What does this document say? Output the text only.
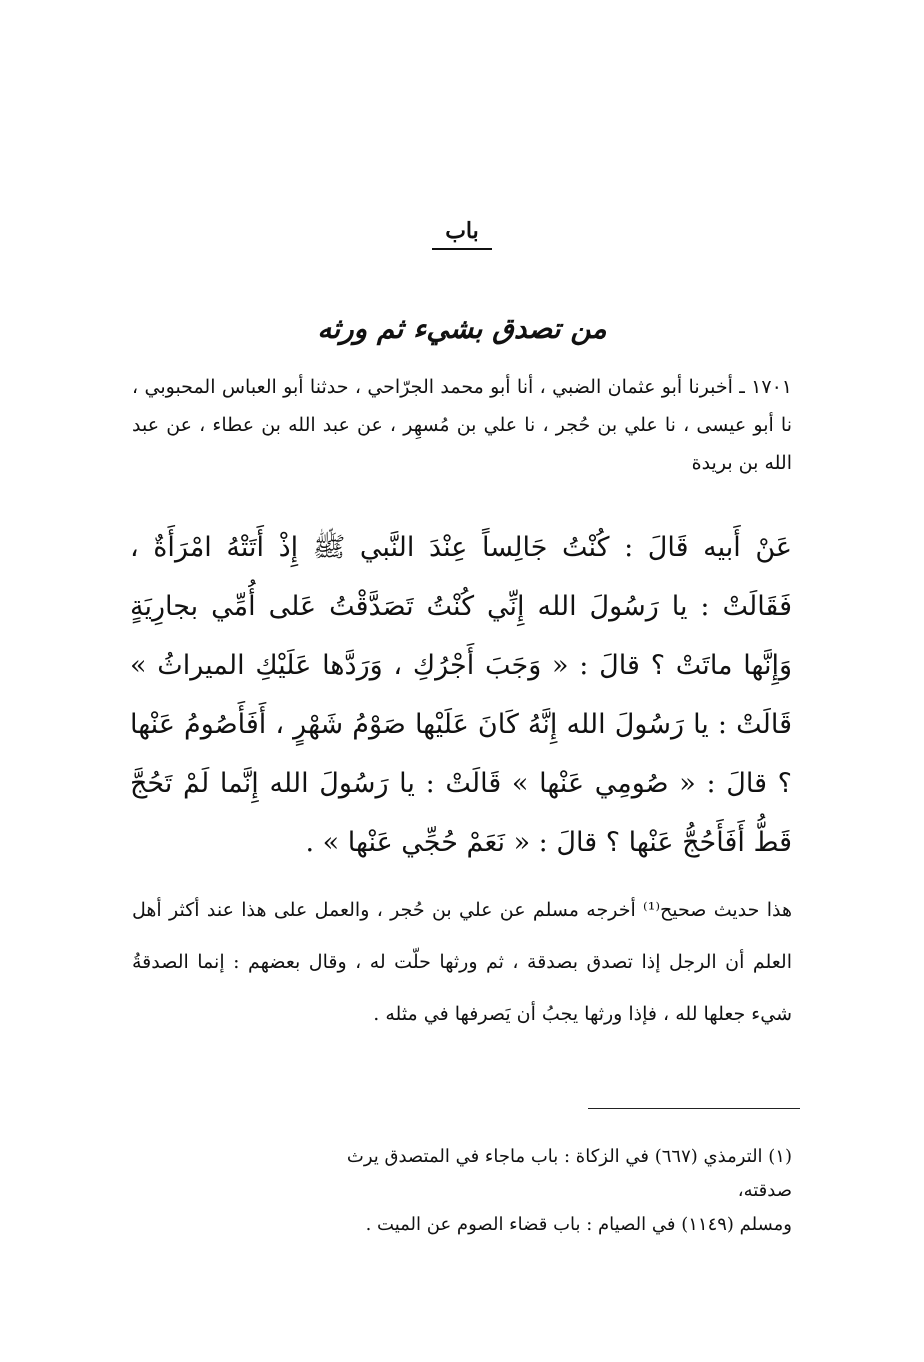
باب
من تصدق بشيء ثم ورثه

١٧٠١ ـ أخبرنا أبو عثمان الضبي ، أنا أبو محمد الجرّاحي ، حدثنا أبو العباس المحبوبي ، نا أبو عيسى ، نا علي بن حُجر ، نا علي بن مُسهِر ، عن عبد الله بن عطاء ، عن عبد الله بن بريدة

عَنْ أَبيه قَالَ : كُنْتُ جَالِساً عِنْدَ النَّبي ﷺ إِذْ أَتَتْهُ امْرَأَةٌ ، فَقَالَتْ : يا رَسُولَ الله إِنِّي كُنْتُ تَصَدَّقْتُ عَلى أُمِّي بجارِيَةٍ وَإِنَّها ماتَتْ ؟ قالَ : « وَجَبَ أَجْرُكِ ، وَرَدَّها عَلَيْكِ الميراثُ » قَالَتْ : يا رَسُولَ الله إِنَّهُ كَانَ عَلَيْها صَوْمُ شَهْرٍ ، أَفَأَصُومُ عَنْها ؟ قالَ : « صُومِي عَنْها » قَالَتْ : يا رَسُولَ الله إِنَّما لَمْ تَحُجَّ قَطُّ أَفَأَحُجُّ عَنْها ؟ قالَ : « نَعَمْ حُجِّي عَنْها » .

هذا حديث صحيح⁽¹⁾ أخرجه مسلم عن علي بن حُجر ، والعمل على هذا عند أكثر أهل العلم أن الرجل إذا تصدق بصدقة ، ثم ورثها حلّت له ، وقال بعضهم : إنما الصدقةُ شيء جعلها لله ، فإذا ورثها يجبُ أن يَصرفها في مثله .

(١) الترمذي (٦٦٧) في الزكاة : باب ماجاء في المتصدق يرث صدقته،

ومسلم (١١٤٩) في الصيام : باب قضاء الصوم عن الميت .
